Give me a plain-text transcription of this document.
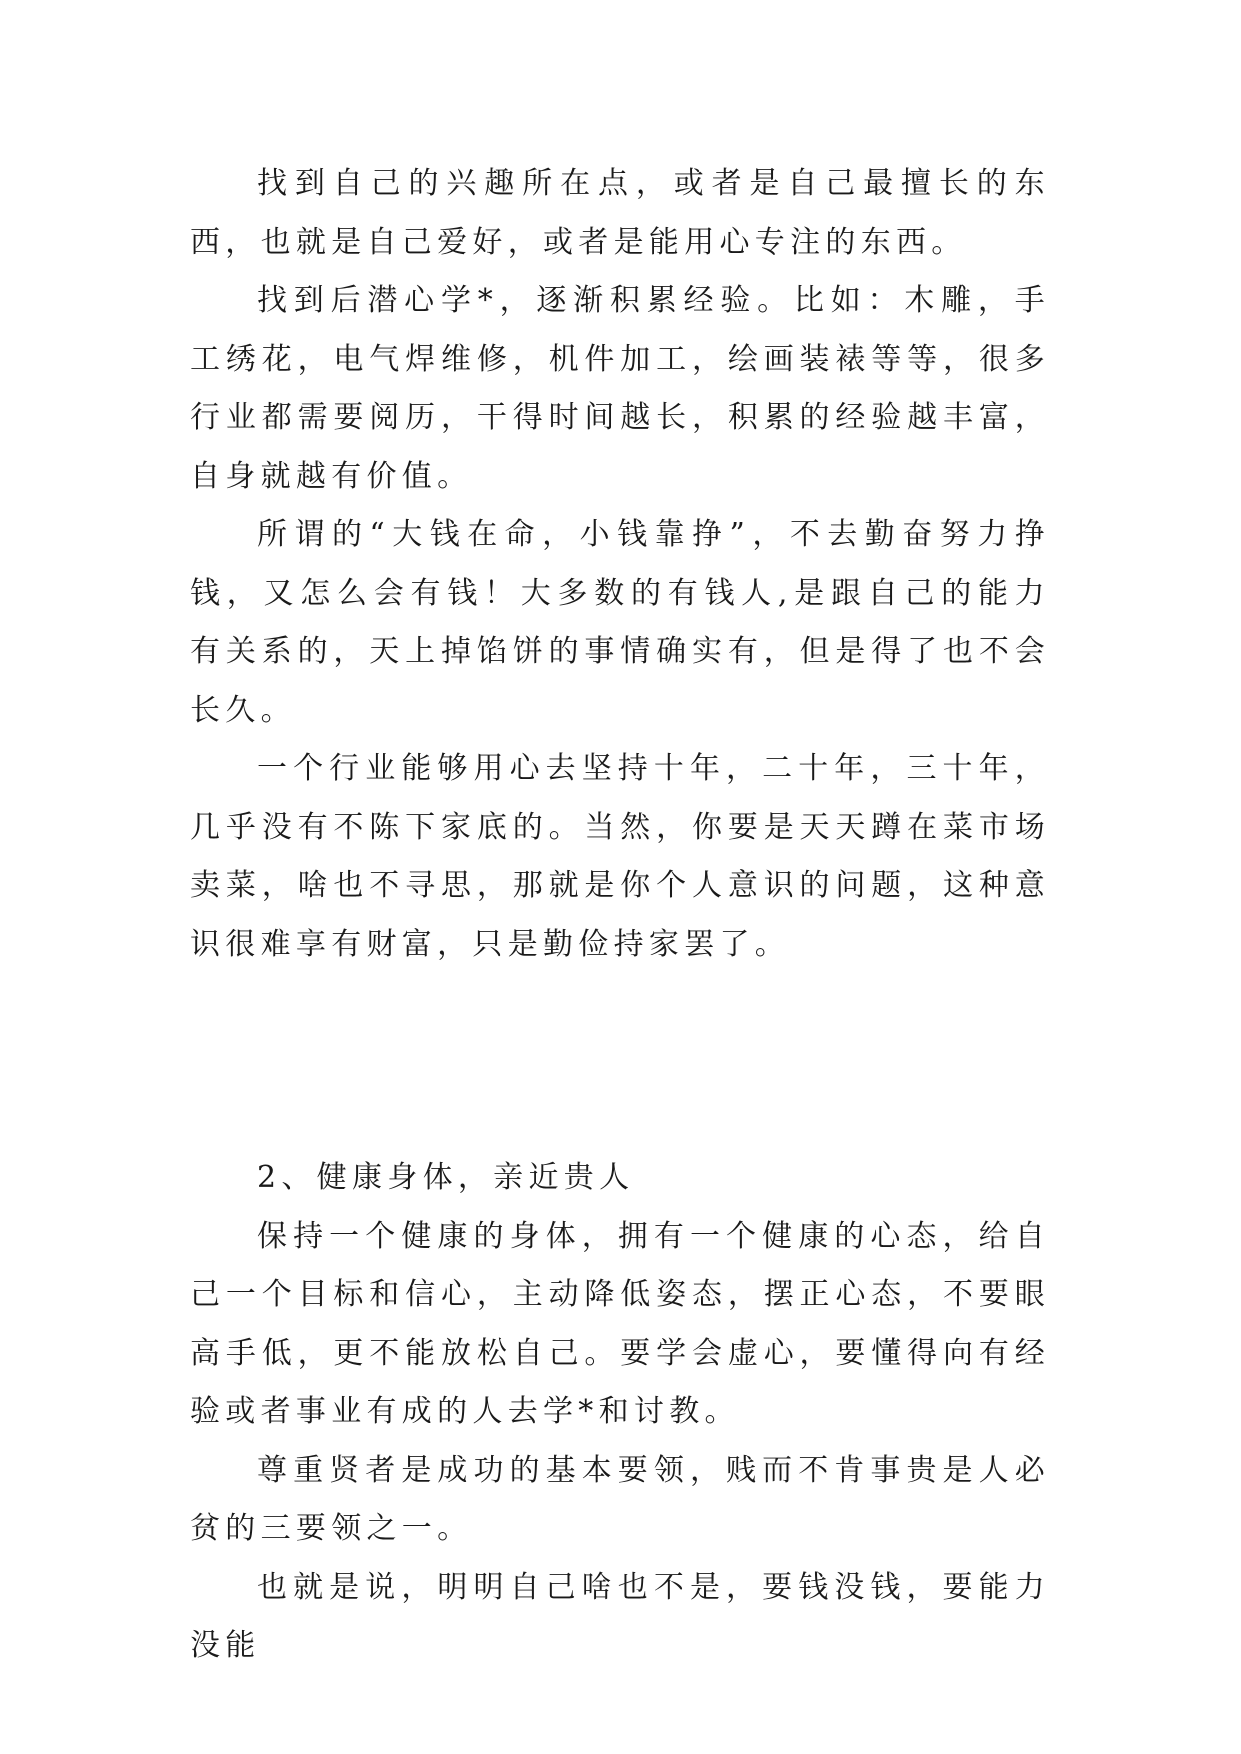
找到自己的兴趣所在点，或者是自己最擅长的东西，也就是自己爱好，或者是能用心专注的东西。

找到后潜心学*，逐渐积累经验。比如：木雕，手工绣花，电气焊维修，机件加工，绘画装裱等等，很多行业都需要阅历，干得时间越长，积累的经验越丰富，自身就越有价值。

所谓的“大钱在命，小钱靠挣”，不去勤奋努力挣钱，又怎么会有钱！大多数的有钱人,是跟自己的能力有关系的，天上掉馅饼的事情确实有，但是得了也不会长久。

一个行业能够用心去坚持十年，二十年，三十年，几乎没有不陈下家底的。当然，你要是天天蹲在菜市场卖菜，啥也不寻思，那就是你个人意识的问题，这种意识很难享有财富，只是勤俭持家罢了。

2、健康身体，亲近贵人

保持一个健康的身体，拥有一个健康的心态，给自己一个目标和信心，主动降低姿态，摆正心态，不要眼高手低，更不能放松自己。要学会虚心，要懂得向有经验或者事业有成的人去学*和讨教。

尊重贤者是成功的基本要领，贱而不肯事贵是人必贫的三要领之一。

也就是说，明明自己啥也不是，要钱没钱，要能力没能
